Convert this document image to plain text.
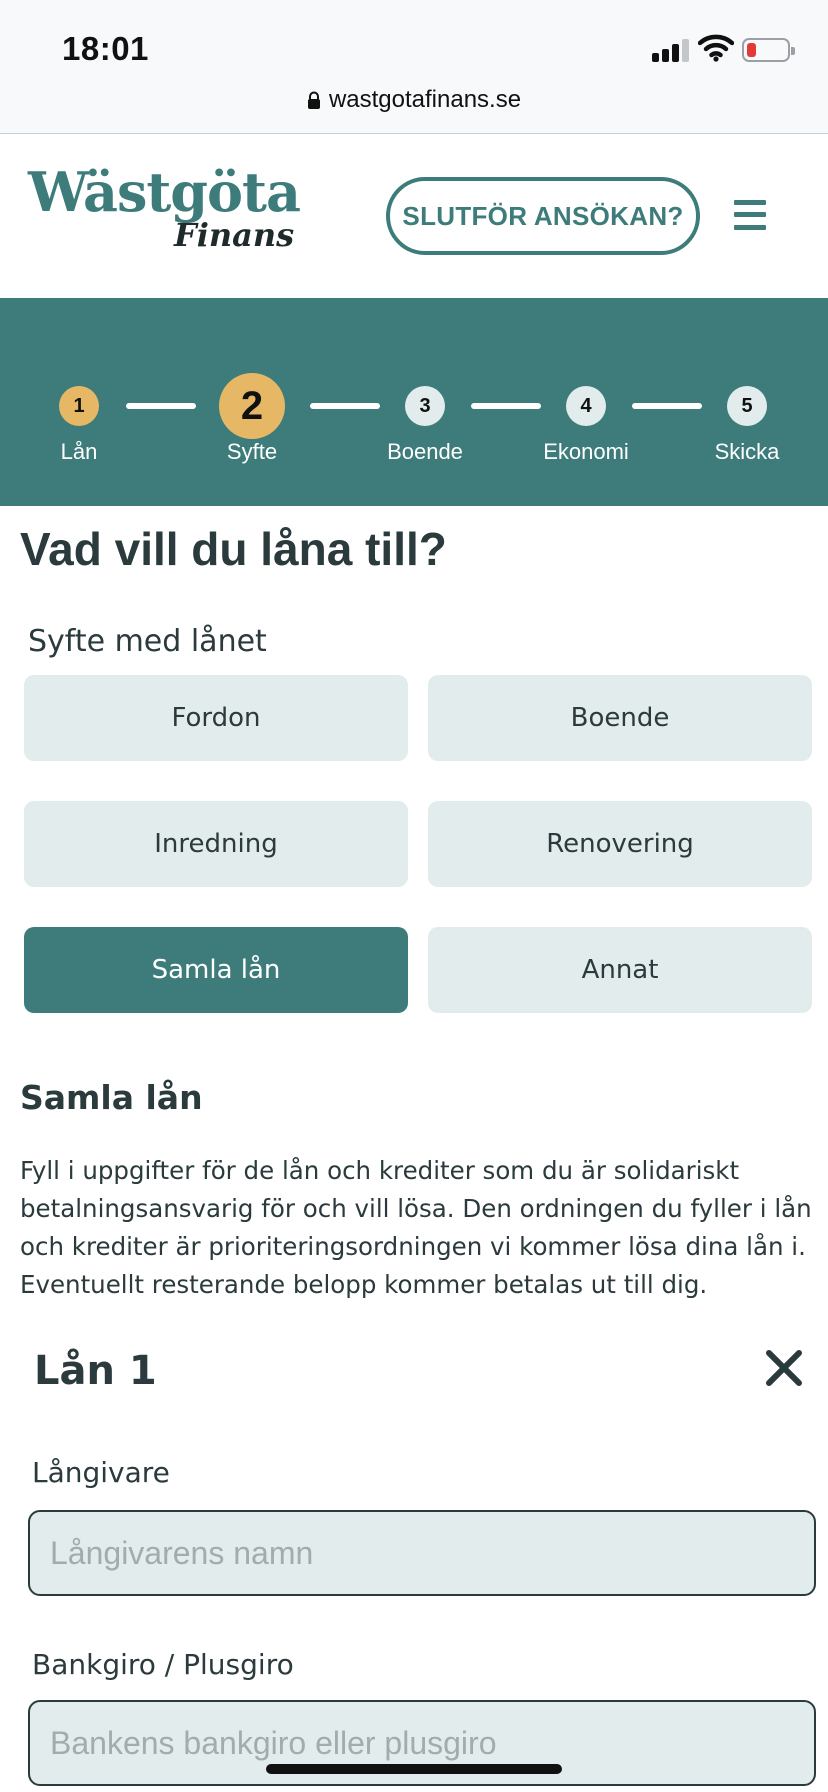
18:01
wastgotafinans.se
Wästgöta
Finans
SLUTFÖR ANSÖKAN?
1
Lån
2
Syfte
3
Boende
4
Ekonomi
5
Skicka
Vad vill du låna till?
Syfte med lånet
Fordon	Boende
Inredning	Renovering
Samla lån	Annat
Samla lån

Fyll i uppgifter för de lån och krediter som du är solidariskt betalningsansvarig för och vill lösa. Den ordningen du fyller i lån och krediter är prioriteringsordningen vi kommer lösa dina lån i. Eventuellt resterande belopp kommer betalas ut till dig.

Lån 1
Långivare
Långivarens namn
Bankgiro / Plusgiro
Bankens bankgiro eller plusgiro
